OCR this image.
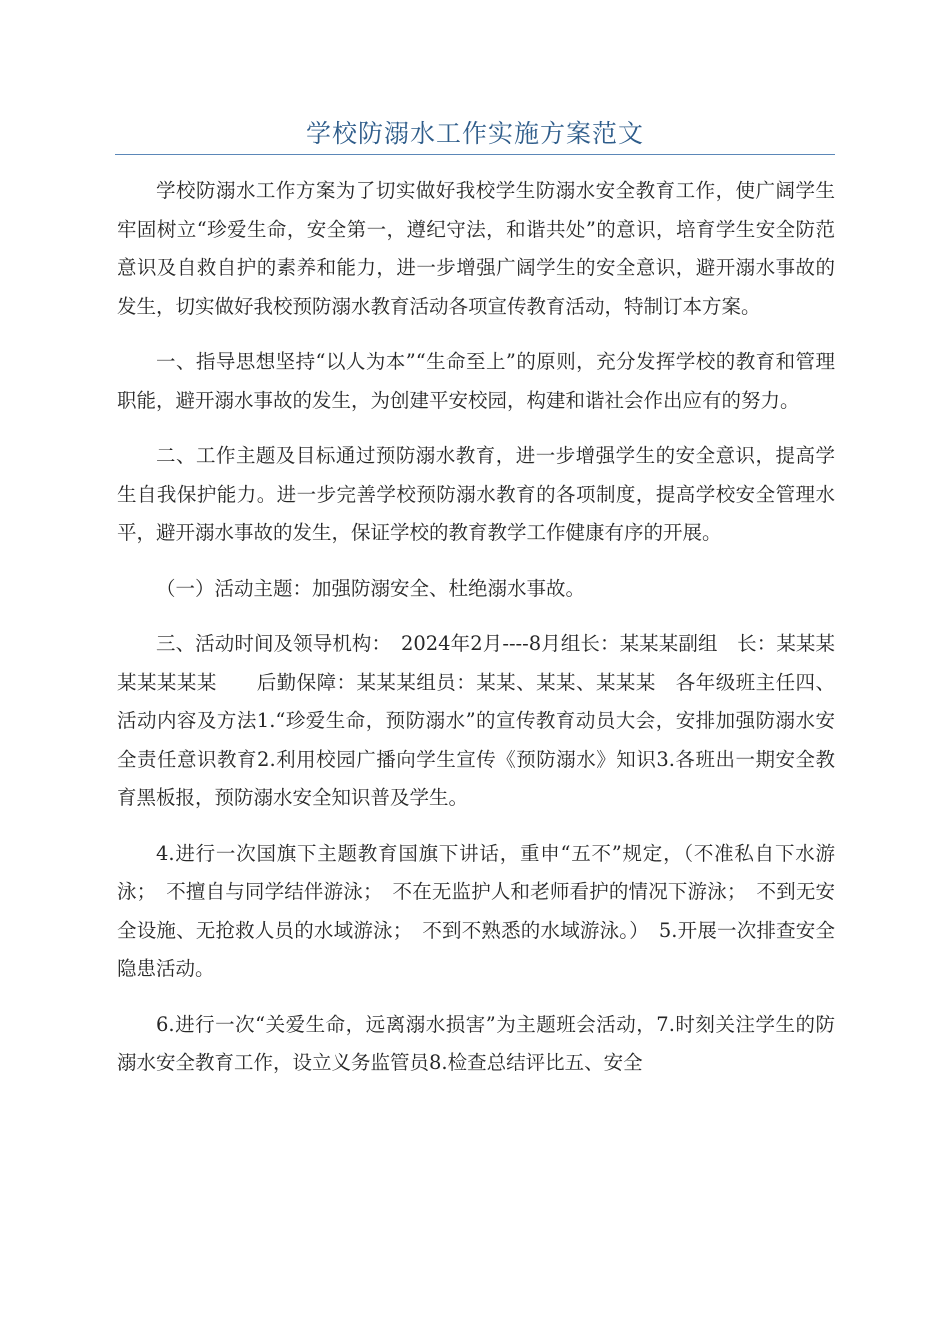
学校防溺水工作实施方案范文

学校防溺水工作方案为了切实做好我校学生防溺水安全教育工作，使广阔学生牢固树立“珍爱生命，安全第一，遵纪守法，和谐共处”的意识，培育学生安全防范意识及自救自护的素养和能力，进一步增强广阔学生的安全意识，避开溺水事故的发生，切实做好我校预防溺水教育活动各项宣传教育活动，特制订本方案。

一、指导思想坚持“以人为本”“生命至上”的原则，充分发挥学校的教育和管理职能，避开溺水事故的发生，为创建平安校园，构建和谐社会作出应有的努力。

二、工作主题及目标通过预防溺水教育，进一步增强学生的安全意识，提高学生自我保护能力。进一步完善学校预防溺水教育的各项制度，提高学校安全管理水平，避开溺水事故的发生，保证学校的教育教学工作健康有序的开展。

（一）活动主题：加强防溺安全、杜绝溺水事故。

三、活动时间及领导机构：　2024年2月----8月组长：某某某副组　长：某某某某某某某某　　后勤保障：某某某组员：某某、某某、某某某　各年级班主任四、活动内容及方法1.“珍爱生命，预防溺水”的宣传教育动员大会，安排加强防溺水安全责任意识教育2.利用校园广播向学生宣传《预防溺水》知识3.各班出一期安全教育黑板报，预防溺水安全知识普及学生。

4.进行一次国旗下主题教育国旗下讲话，重申“五不”规定，（不准私自下水游泳；　不擅自与同学结伴游泳；　不在无监护人和老师看护的情况下游泳；　不到无安全设施、无抢救人员的水域游泳；　不到不熟悉的水域游泳。）　5.开展一次排查安全隐患活动。

6.进行一次“关爱生命，远离溺水损害”为主题班会活动，7.时刻关注学生的防溺水安全教育工作，设立义务监管员8.检查总结评比五、安全
